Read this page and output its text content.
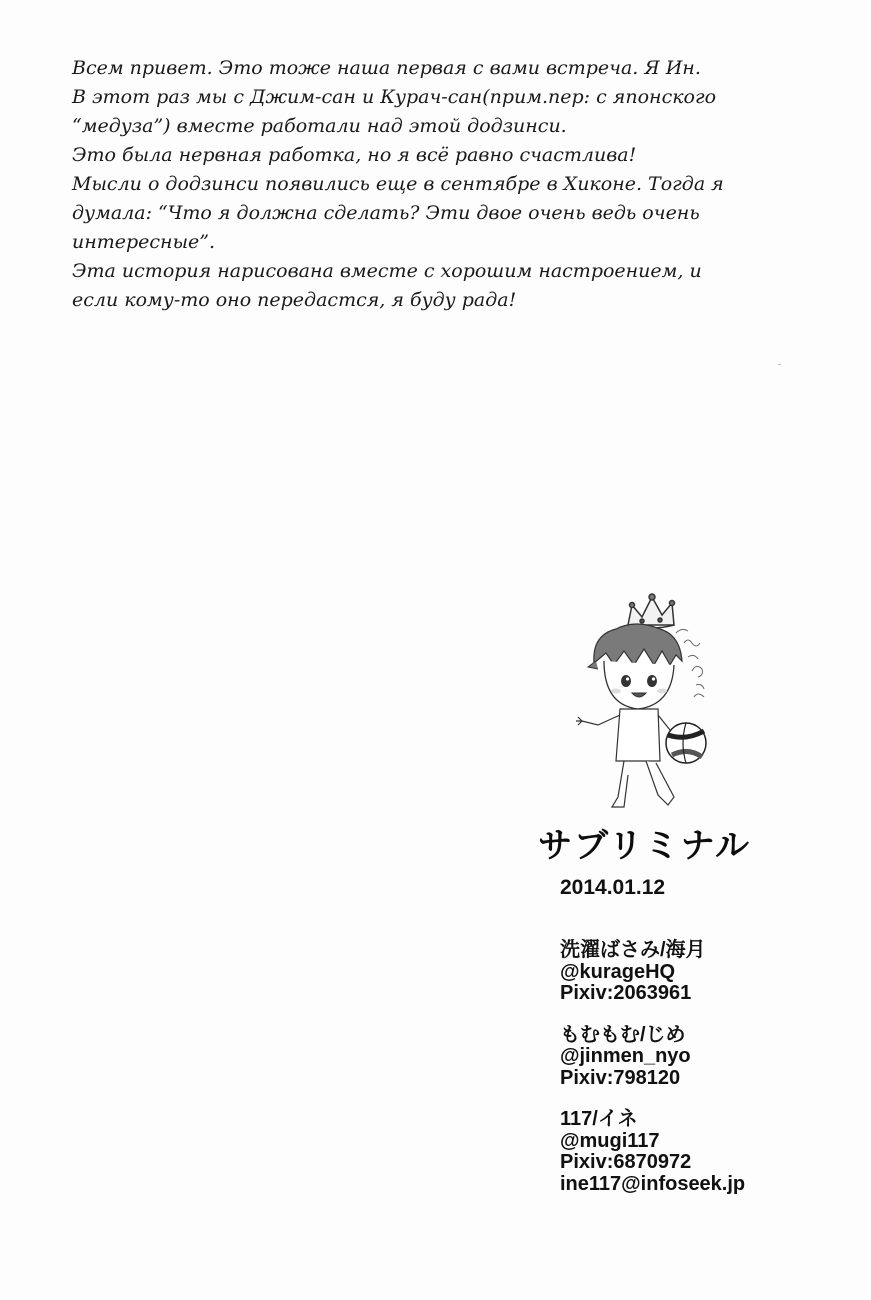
Всем привет. Это тоже наша первая с вами встреча. Я Ин.
В этот раз мы с Джим-сан и Курач-сан(прим.пер: с японского
“медуза”) вместе работали над этой додзинси.
Это была нервная работка, но я всё равно счастлива!
Мысли о додзинси появились еще в сентябре в Хиконе. Тогда я
думала: “Что я должна сделать? Эти двое очень ведь очень
интересные”.
Эта история нарисована вместе с хорошим настроением, и
если кому-то оно передастся, я буду рада!
サブリミナル
2014.01.12
洗濯ばさみ/海月
@kurageHQ
Pixiv:2063961
もむもむ/じめ
@jinmen_nyo
Pixiv:798120
117/イネ
@mugi117
Pixiv:6870972
ine117@infoseek.jp
